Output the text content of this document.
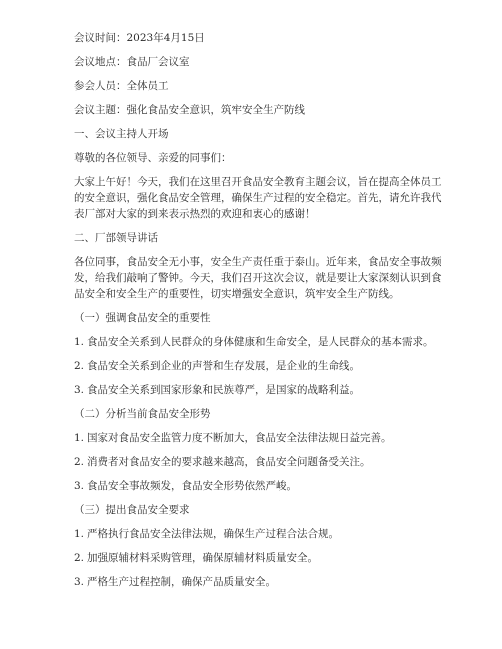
会议时间：2023年4月15日

会议地点：食品厂会议室

参会人员：全体员工

会议主题：强化食品安全意识，筑牢安全生产防线

一、会议主持人开场

尊敬的各位领导、亲爱的同事们：

大家上午好！今天，我们在这里召开食品安全教育主题会议，旨在提高全体员工的安全意识，强化食品安全管理，确保生产过程的安全稳定。首先，请允许我代表厂部对大家的到来表示热烈的欢迎和衷心的感谢！

二、厂部领导讲话

各位同事，食品安全无小事，安全生产责任重于泰山。近年来，食品安全事故频发，给我们敲响了警钟。今天，我们召开这次会议，就是要让大家深刻认识到食品安全和安全生产的重要性，切实增强安全意识，筑牢安全生产防线。

（一）强调食品安全的重要性

1. 食品安全关系到人民群众的身体健康和生命安全，是人民群众的基本需求。
2. 食品安全关系到企业的声誉和生存发展，是企业的生命线。
3. 食品安全关系到国家形象和民族尊严，是国家的战略利益。

（二）分析当前食品安全形势

1. 国家对食品安全监管力度不断加大，食品安全法律法规日益完善。
2. 消费者对食品安全的要求越来越高，食品安全问题备受关注。
3. 食品安全事故频发，食品安全形势依然严峻。

（三）提出食品安全要求

1. 严格执行食品安全法律法规，确保生产过程合法合规。
2. 加强原辅材料采购管理，确保原辅材料质量安全。
3. 严格生产过程控制，确保产品质量安全。
